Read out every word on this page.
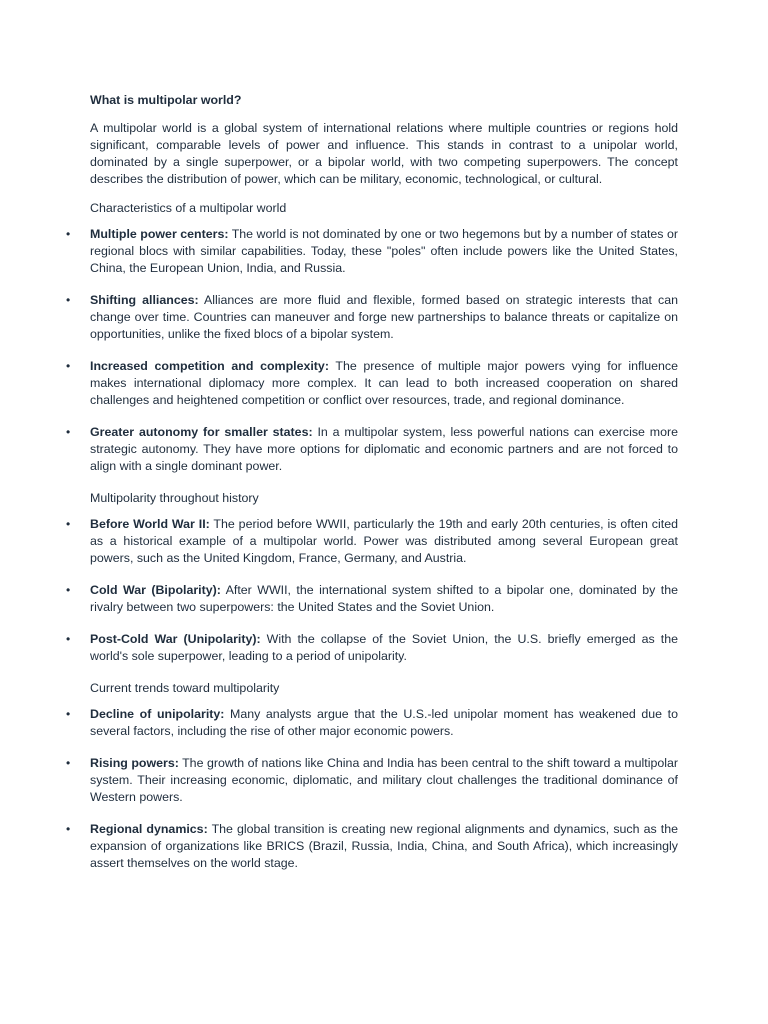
What is multipolar world?

A multipolar world is a global system of international relations where multiple countries or regions hold significant, comparable levels of power and influence. This stands in contrast to a unipolar world, dominated by a single superpower, or a bipolar world, with two competing superpowers. The concept describes the distribution of power, which can be military, economic, technological, or cultural.

Characteristics of a multipolar world

• Multiple power centers: The world is not dominated by one or two hegemons but by a number of states or regional blocs with similar capabilities. Today, these "poles" often include powers like the United States, China, the European Union, India, and Russia.
• Shifting alliances: Alliances are more fluid and flexible, formed based on strategic interests that can change over time. Countries can maneuver and forge new partnerships to balance threats or capitalize on opportunities, unlike the fixed blocs of a bipolar system.
• Increased competition and complexity: The presence of multiple major powers vying for influence makes international diplomacy more complex. It can lead to both increased cooperation on shared challenges and heightened competition or conflict over resources, trade, and regional dominance.
• Greater autonomy for smaller states: In a multipolar system, less powerful nations can exercise more strategic autonomy. They have more options for diplomatic and economic partners and are not forced to align with a single dominant power.

Multipolarity throughout history

• Before World War II: The period before WWII, particularly the 19th and early 20th centuries, is often cited as a historical example of a multipolar world. Power was distributed among several European great powers, such as the United Kingdom, France, Germany, and Austria.
• Cold War (Bipolarity): After WWII, the international system shifted to a bipolar one, dominated by the rivalry between two superpowers: the United States and the Soviet Union.
• Post-Cold War (Unipolarity): With the collapse of the Soviet Union, the U.S. briefly emerged as the world's sole superpower, leading to a period of unipolarity.

Current trends toward multipolarity

• Decline of unipolarity: Many analysts argue that the U.S.-led unipolar moment has weakened due to several factors, including the rise of other major economic powers.
• Rising powers: The growth of nations like China and India has been central to the shift toward a multipolar system. Their increasing economic, diplomatic, and military clout challenges the traditional dominance of Western powers.
• Regional dynamics: The global transition is creating new regional alignments and dynamics, such as the expansion of organizations like BRICS (Brazil, Russia, India, China, and South Africa), which increasingly assert themselves on the world stage.
